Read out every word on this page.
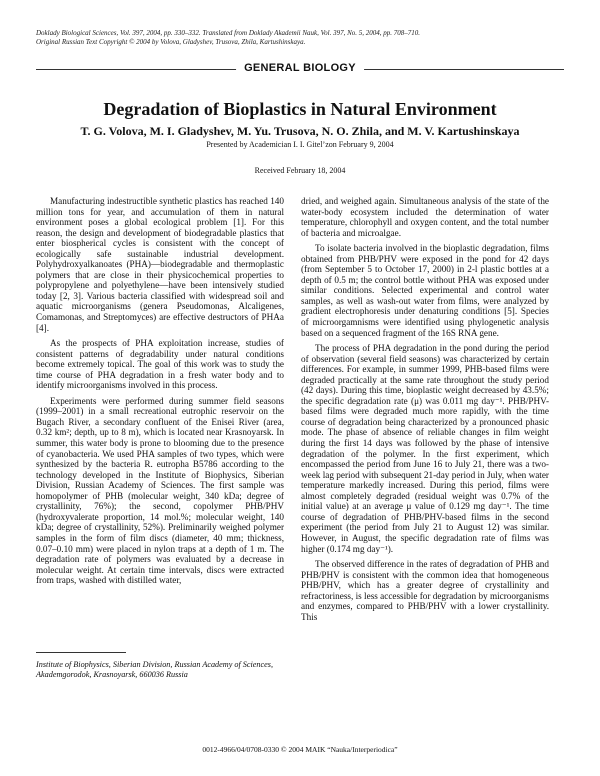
Doklady Biological Sciences, Vol. 397, 2004, pp. 330–332. Translated from Doklady Akademii Nauk, Vol. 397, No. 5, 2004, pp. 708–710.
Original Russian Text Copyright © 2004 by Volova, Gladyshev, Trusova, Zhila, Kartushinskaya.
GENERAL BIOLOGY
Degradation of Bioplastics in Natural Environment
T. G. Volova, M. I. Gladyshev, M. Yu. Trusova, N. O. Zhila, and M. V. Kartushinskaya
Presented by Academician I. I. Gitel’zon February 9, 2004
Received February 18, 2004

Manufacturing indestructible synthetic plastics has reached 140 million tons for year, and accumulation of them in natural environment poses a global ecological problem [1]. For this reason, the design and development of biodegradable plastics that enter biospherical cycles is consistent with the concept of ecologically safe sustainable industrial development. Polyhydroxyalkanoates (PHA)—biodegradable and thermoplastic polymers that are close in their physicochemical properties to polypropylene and polyethylene—have been intensively studied today [2, 3]. Various bacteria classified with widespread soil and aquatic microorganisms (genera Pseudomonas, Alcaligenes, Comamonas, and Streptomyces) are effective destructors of PHAa [4].

As the prospects of PHA exploitation increase, studies of consistent patterns of degradability under natural conditions become extremely topical. The goal of this work was to study the time course of PHA degradation in a fresh water body and to identify microorganisms involved in this process.

Experiments were performed during summer field seasons (1999–2001) in a small recreational eutrophic reservoir on the Bugach River, a secondary confluent of the Enisei River (area, 0.32 km²; depth, up to 8 m), which is located near Krasnoyarsk. In summer, this water body is prone to blooming due to the presence of cyanobacteria. We used PHA samples of two types, which were synthesized by the bacteria R. eutropha B5786 according to the technology developed in the Institute of Biophysics, Siberian Division, Russian Academy of Sciences. The first sample was homopolymer of PHB (molecular weight, 340 kDa; degree of crystallinity, 76%); the second, copolymer PHB/PHV (hydroxyvalerate proportion, 14 mol.%; molecular weight, 140 kDa; degree of crystallinity, 52%). Preliminarily weighed polymer samples in the form of film discs (diameter, 40 mm; thickness, 0.07–0.10 mm) were placed in nylon traps at a depth of 1 m. The degradation rate of polymers was evaluated by a decrease in molecular weight. At certain time intervals, discs were extracted from traps, washed with distilled water,

dried, and weighed again. Simultaneous analysis of the state of the water-body ecosystem included the determination of water temperature, chlorophyll and oxygen content, and the total number of bacteria and microalgae.

To isolate bacteria involved in the bioplastic degradation, films obtained from PHB/PHV were exposed in the pond for 42 days (from September 5 to October 17, 2000) in 2-l plastic bottles at a depth of 0.5 m; the control bottle without PHA was exposed under similar conditions. Selected experimental and control water samples, as well as wash-out water from films, were analyzed by gradient electrophoresis under denaturing conditions [5]. Species of microorgamnisms were identified using phylogenetic analysis based on a sequenced fragment of the 16S RNA gene.

The process of PHA degradation in the pond during the period of observation (several field seasons) was characterized by certain differences. For example, in summer 1999, PHB-based films were degraded practically at the same rate throughout the study period (42 days). During this time, bioplastic weight decreased by 43.5%; the specific degradation rate (μ) was 0.011 mg day⁻¹. PHB/PHV-based films were degraded much more rapidly, with the time course of degradation being characterized by a pronounced phasic mode. The phase of absence of reliable changes in film weight during the first 14 days was followed by the phase of intensive degradation of the polymer. In the first experiment, which encompassed the period from June 16 to July 21, there was a two-week lag period with subsequent 21-day period in July, when water temperature markedly increased. During this period, films were almost completely degraded (residual weight was 0.7% of the initial value) at an average μ value of 0.129 mg day⁻¹. The time course of degradation of PHB/PHV-based films in the second experiment (the period from July 21 to August 12) was similar. However, in August, the specific degradation rate of films was higher (0.174 mg day⁻¹).

The observed difference in the rates of degradation of PHB and PHB/PHV is consistent with the common idea that homogeneous PHB/PHV, which has a greater degree of crystallinity and refractoriness, is less accessible for degradation by microorganisms and enzymes, compared to PHB/PHV with a lower crystallinity. This

Institute of Biophysics, Siberian Division, Russian Academy of Sciences, Akademgorodok, Krasnoyarsk, 660036 Russia
0012-4966/04/0708-0330 © 2004 MAIK “Nauka/Interperiodica”
